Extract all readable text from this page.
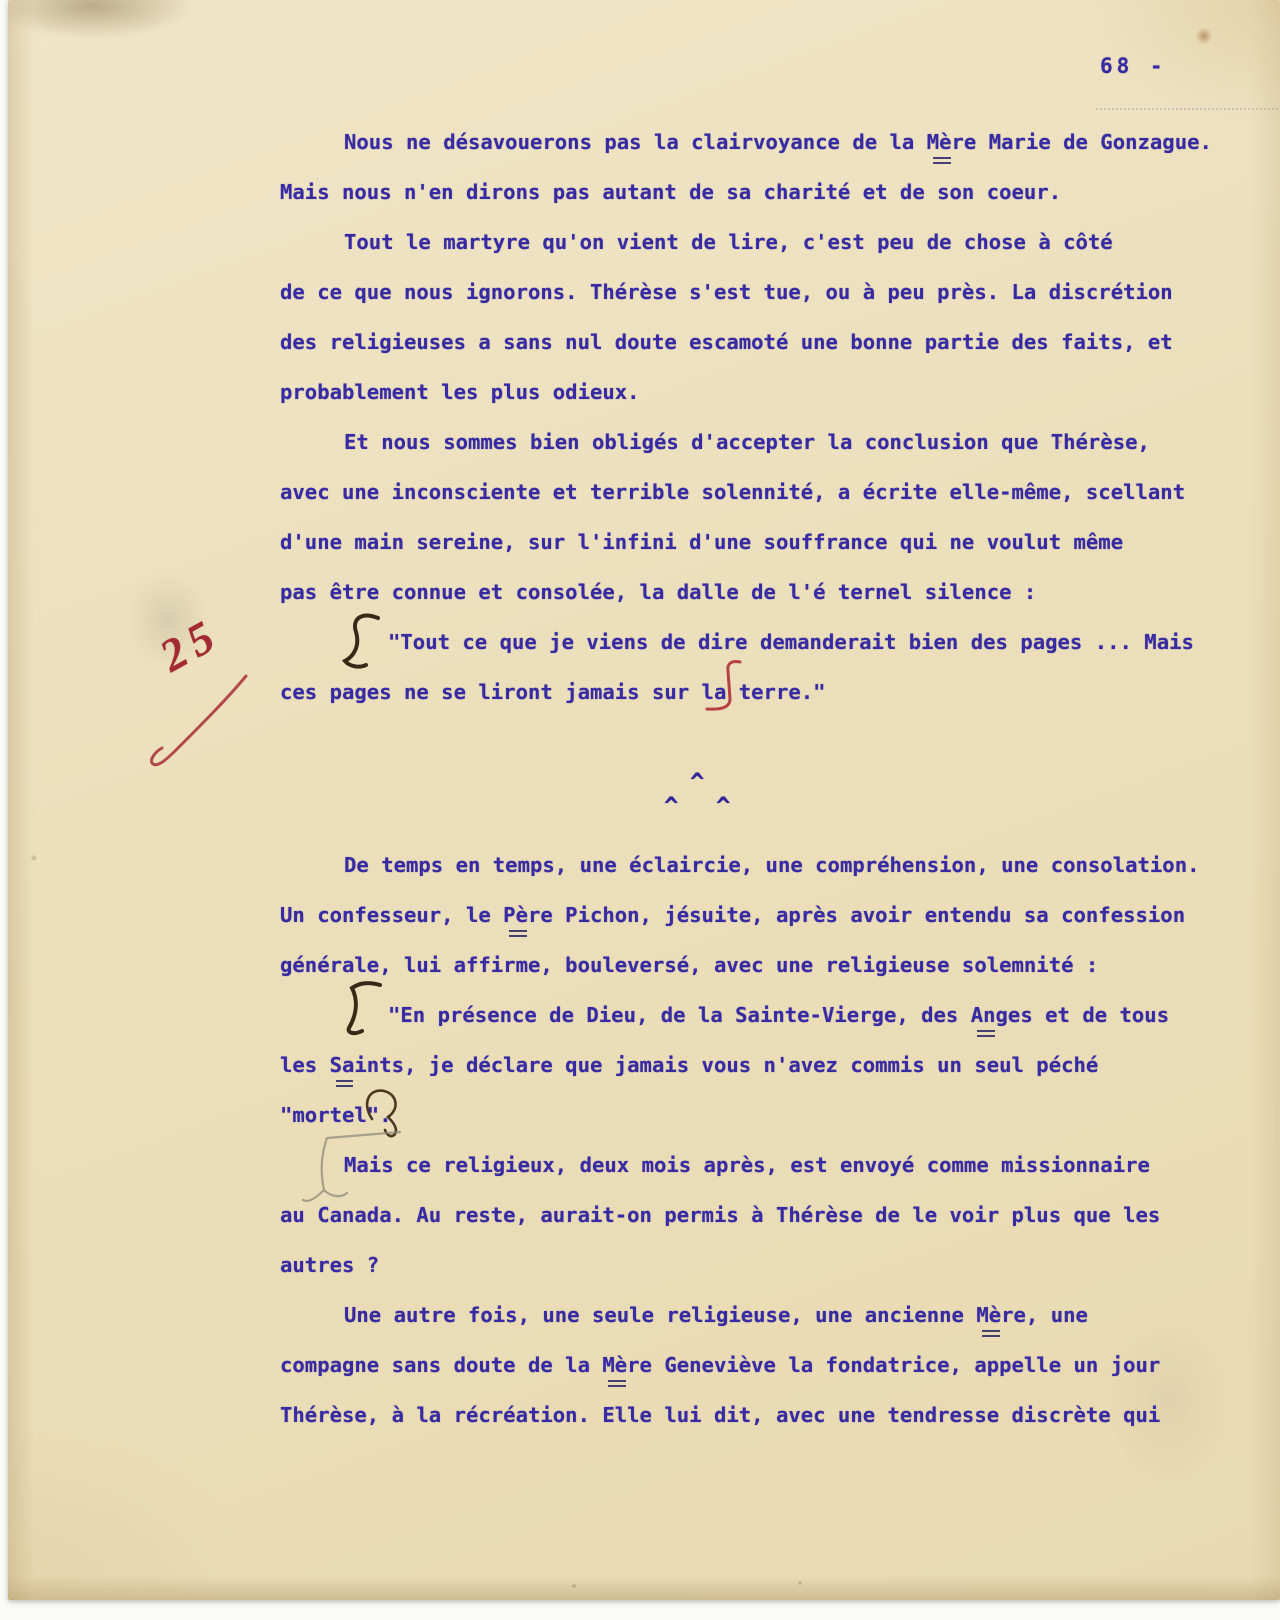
68 -
Nous ne désavouerons pas la clairvoyance de la Mère Marie de Gonzague.
Mais nous n'en dirons pas autant de sa charité et de son coeur.
Tout le martyre qu'on vient de lire, c'est peu de chose à côté
de ce que nous ignorons. Thérèse s'est tue, ou à peu près. La discrétion
des religieuses a sans nul doute escamoté une bonne partie des faits, et
probablement les plus odieux.
Et nous sommes bien obligés d'accepter la conclusion que Thérèse,
avec une inconsciente et terrible solennité, a écrite elle-même, scellant
d'une main sereine, sur l'infini d'une souffrance qui ne voulut même
pas être connue et consolée, la dalle de l'é ternel silence :
"Tout ce que je viens de dire demanderait bien des pages ... Mais
ces pages ne se liront jamais sur la terre."
De temps en temps, une éclaircie, une compréhension, une consolation.
Un confesseur, le Père Pichon, jésuite, après avoir entendu sa confession
générale, lui affirme, bouleversé, avec une religieuse solemnité :
"En présence de Dieu, de la Sainte-Vierge, des Anges et de tous
les Saints, je déclare que jamais vous n'avez commis un seul péché
"mortel".
Mais ce religieux, deux mois après, est envoyé comme missionnaire
au Canada. Au reste, aurait-on permis à Thérèse de le voir plus que les
autres ?
Une autre fois, une seule religieuse, une ancienne Mère, une
compagne sans doute de la Mère Geneviève la fondatrice, appelle un jour
Thérèse, à la récréation. Elle lui dit, avec une tendresse discrète qui
^
^ ^
25
